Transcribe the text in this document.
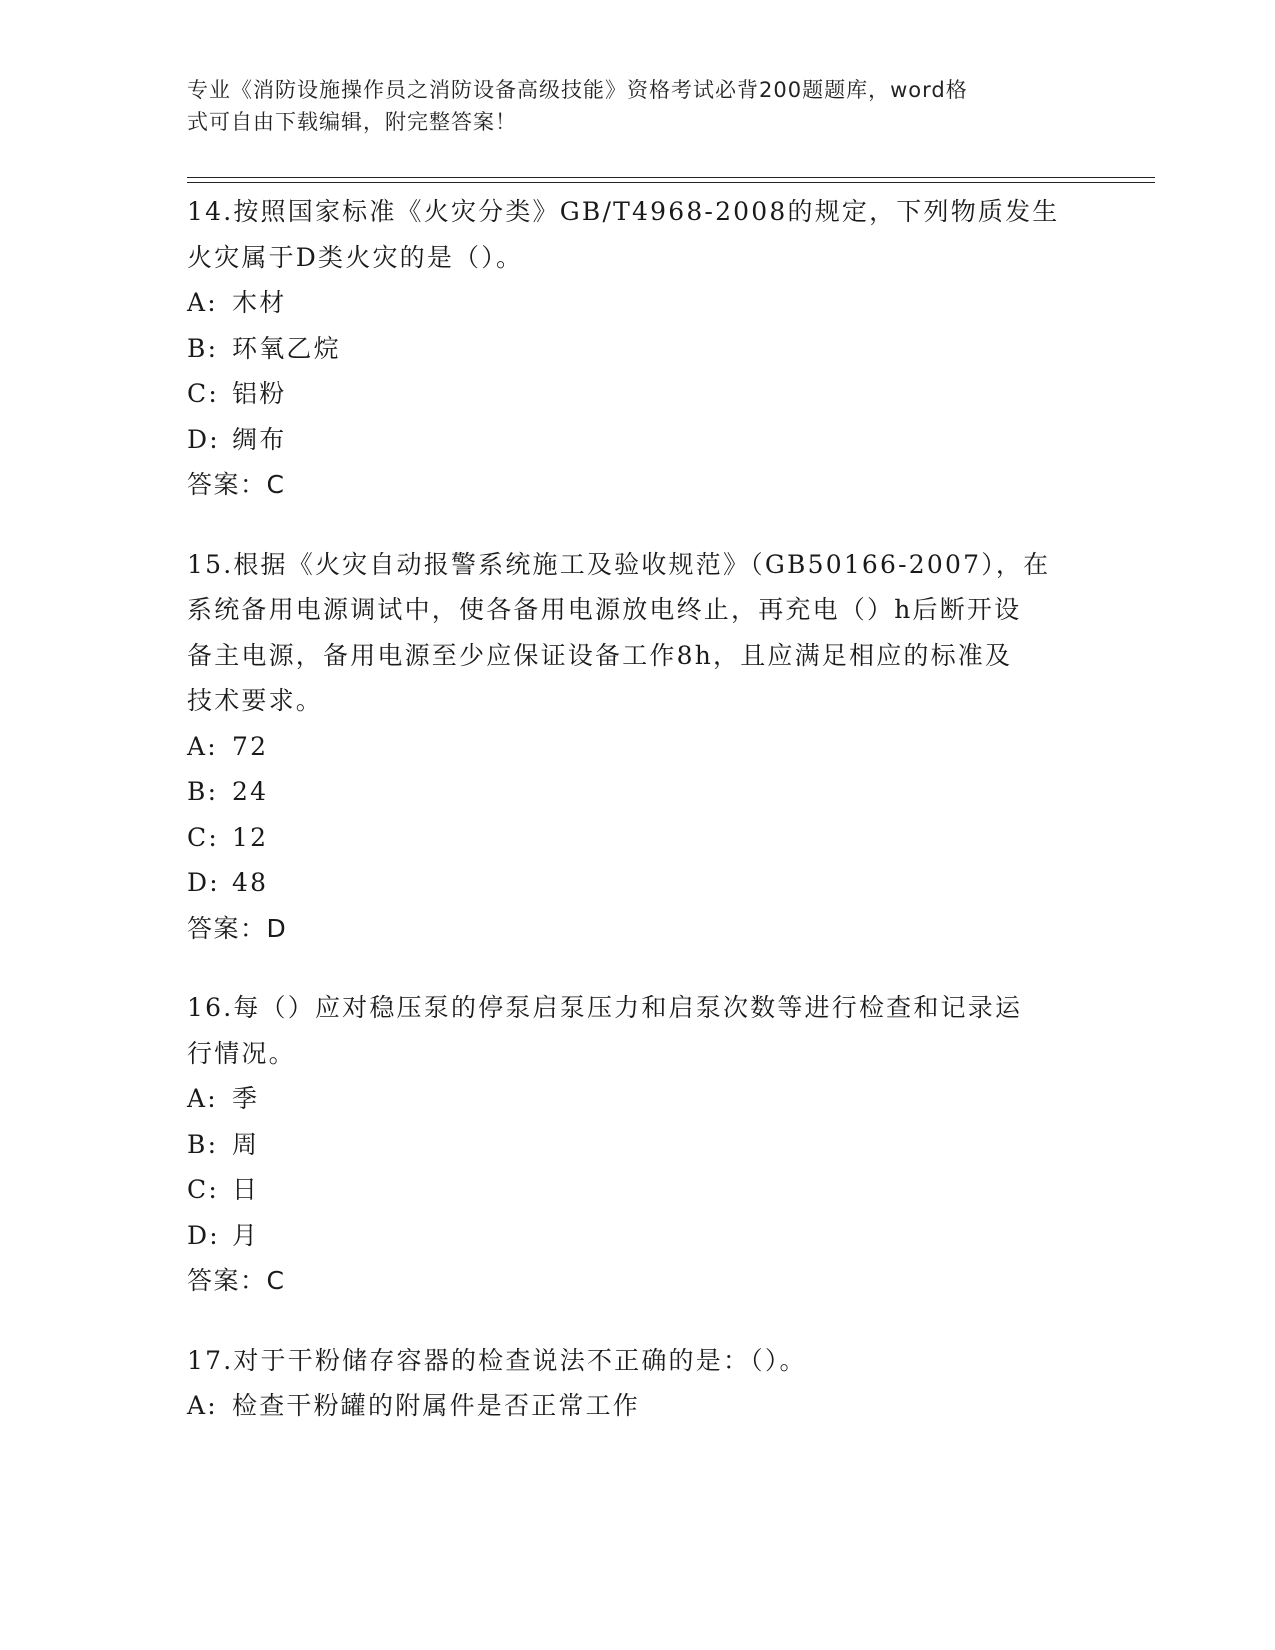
专业《消防设施操作员之消防设备高级技能》资格考试必背200题题库，word格
式可自由下载编辑，附完整答案！
14.按照国家标准《火灾分类》GB/T4968-2008的规定，下列物质发生
火灾属于D类火灾的是（）。
A: 木材
B: 环氧乙烷
C: 铝粉
D: 绸布
答案：C
15.根据《火灾自动报警系统施工及验收规范》（GB50166-2007），在
系统备用电源调试中，使各备用电源放电终止，再充电（）h后断开设
备主电源，备用电源至少应保证设备工作8h，且应满足相应的标准及
技术要求。
A: 72
B: 24
C: 12
D: 48
答案：D
16.每（）应对稳压泵的停泵启泵压力和启泵次数等进行检查和记录运
行情况。
A: 季
B: 周
C: 日
D: 月
答案：C
17.对于干粉储存容器的检查说法不正确的是：（）。
A: 检查干粉罐的附属件是否正常工作
